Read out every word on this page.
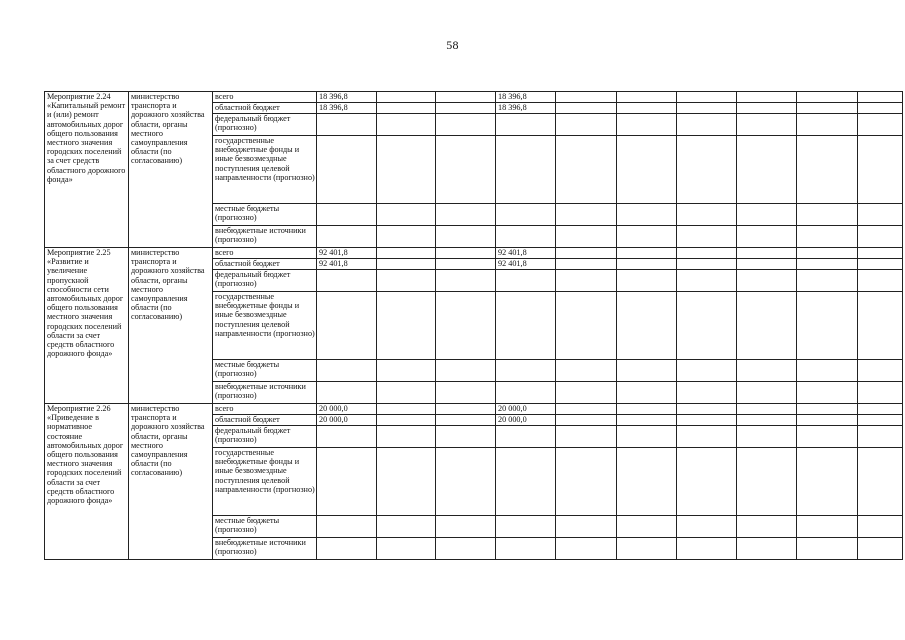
58
Мероприятие 2.24 «Капитальный ремонт и (или) ремонт автомобильных дорог общего пользования местного значения городских поселений за счет средств областного дорожного фонда»	министерство транспорта и дорожного хозяйства области, органы местного самоуправления области (по согласованию)	всего	18 396,8			18 396,8						
		областной бюджет	18 396,8			18 396,8						
		федеральный бюджет (прогнозно)										
		государственные внебюджетные фонды и иные безвозмездные поступления целевой направленности (прогнозно)										
		местные бюджеты (прогнозно)										
		внебюджетные источники (прогнозно)										
Мероприятие 2.25 «Развитие и увеличение пропускной способности сети автомобильных дорог общего пользования местного значения городских поселений области за счет средств областного дорожного фонда»	министерство транспорта и дорожного хозяйства области, органы местного самоуправления области (по согласованию)	всего	92 401,8			92 401,8						
		областной бюджет	92 401,8			92 401,8						
		федеральный бюджет (прогнозно)										
		государственные внебюджетные фонды и иные безвозмездные поступления целевой направленности (прогнозно)										
		местные бюджеты (прогнозно)										
		внебюджетные источники (прогнозно)										
Мероприятие 2.26 «Приведение в нормативное состояние автомобильных дорог общего пользования местного значения городских поселений области за счет средств областного дорожного фонда»	министерство транспорта и дорожного хозяйства области, органы местного самоуправления области (по согласованию)	всего	20 000,0			20 000,0						
		областной бюджет	20 000,0			20 000,0						
		федеральный бюджет (прогнозно)										
		государственные внебюджетные фонды и иные безвозмездные поступления целевой направленности (прогнозно)										
		местные бюджеты (прогнозно)										
		внебюджетные источники (прогнозно)										
